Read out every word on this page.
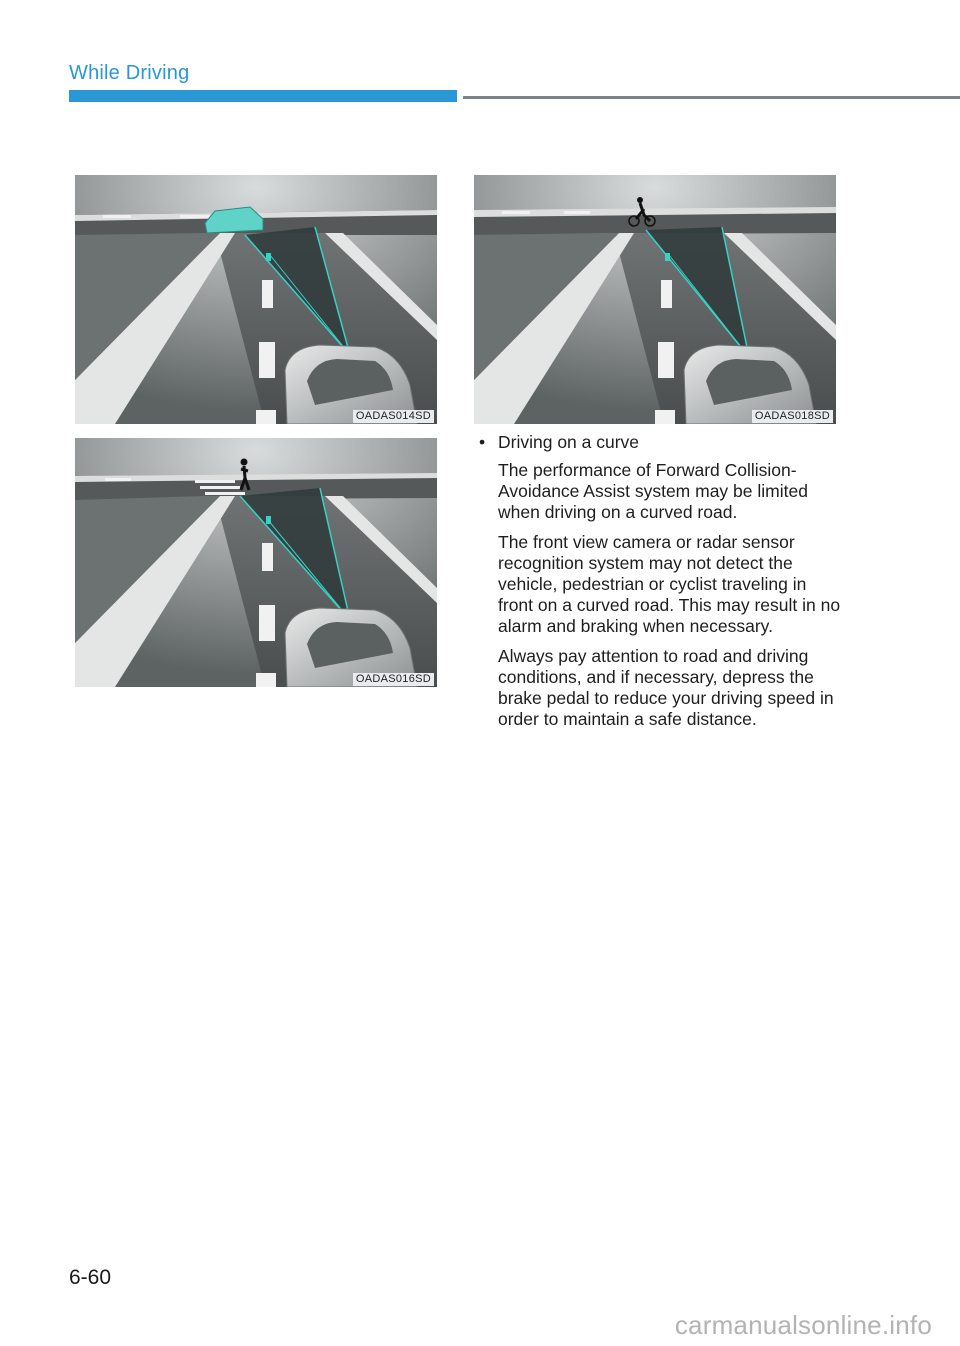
While Driving
OADAS014SD	OADAS018SD
OADAS016SD
• Driving on a curve

The performance of Forward Collision-Avoidance Assist system may be limited when driving on a curved road.

The front view camera or radar sensor recognition system may not detect the vehicle, pedestrian or cyclist traveling in front on a curved road. This may result in no alarm and braking when necessary.

Always pay attention to road and driving conditions, and if necessary, depress the brake pedal to reduce your driving speed in order to maintain a safe distance.

6-60
carmanualsonline.info
